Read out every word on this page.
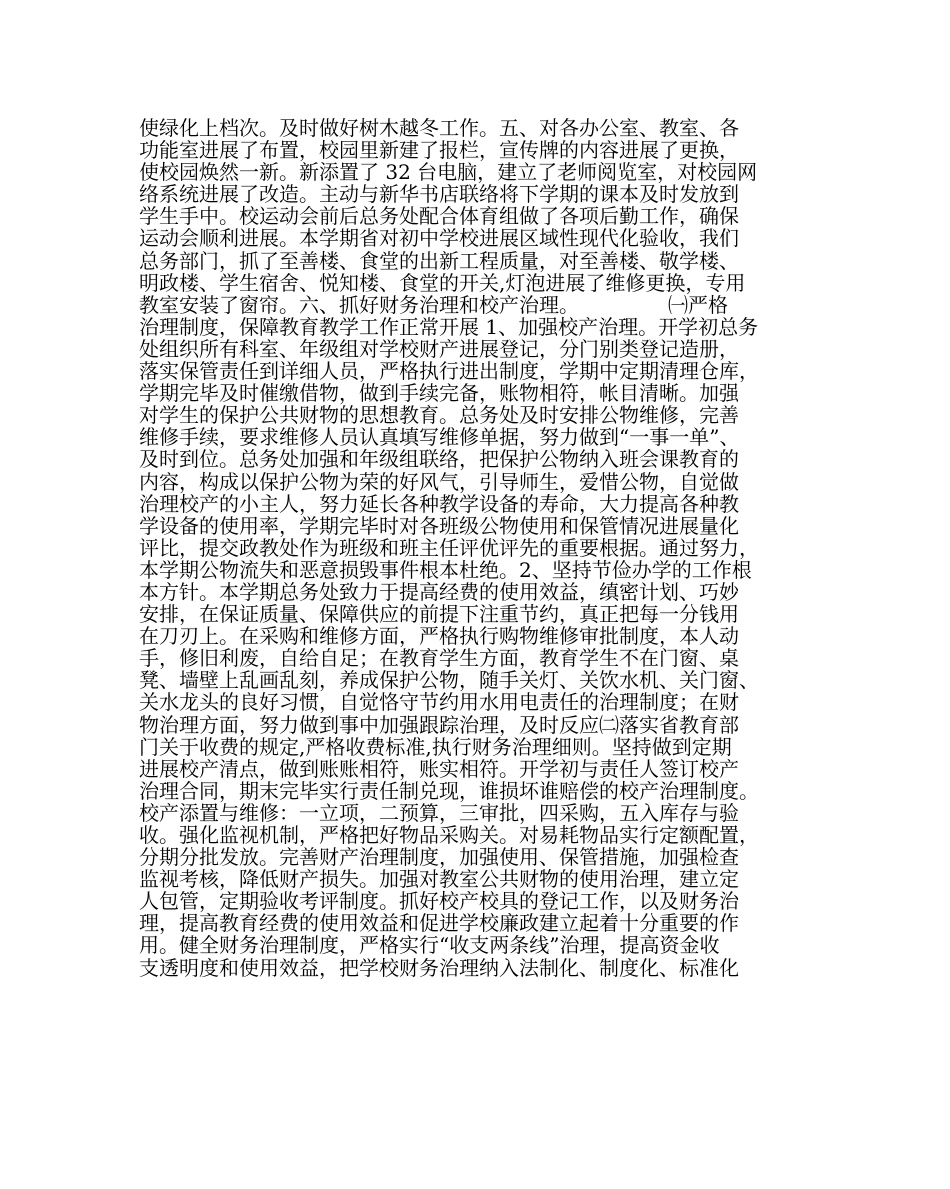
使绿化上档次。及时做好树木越冬工作。五、对各办公室、教室、各
功能室进展了布置，校园里新建了报栏，宣传牌的内容进展了更换，
使校园焕然一新。新添置了 32 台电脑，建立了老师阅览室，对校园网
络系统进展了改造。主动与新华书店联络将下学期的课本及时发放到
学生手中。校运动会前后总务处配合体育组做了各项后勤工作，确保
运动会顺利进展。本学期省对初中学校进展区域性现代化验收，我们
总务部门，抓了至善楼、食堂的出新工程质量，对至善楼、敬学楼、
明政楼、学生宿舍、悦知楼、食堂的开关,灯泡进展了维修更换，专用
教室安装了窗帘。六、抓好财务治理和校产治理。              ㈠严格
治理制度，保障教育教学工作正常开展 1、加强校产治理。开学初总务
处组织所有科室、年级组对学校财产进展登记，分门别类登记造册，
落实保管责任到详细人员，严格执行进出制度，学期中定期清理仓库，
学期完毕及时催缴借物，做到手续完备，账物相符，帐目清晰。加强
对学生的保护公共财物的思想教育。总务处及时安排公物维修，完善
维修手续，要求维修人员认真填写维修单据，努力做到“一事一单”、
及时到位。总务处加强和年级组联络，把保护公物纳入班会课教育的
内容，构成以保护公物为荣的好风气，引导师生，爱惜公物，自觉做
治理校产的小主人，努力延长各种教学设备的寿命，大力提高各种教
学设备的使用率，学期完毕时对各班级公物使用和保管情况进展量化
评比，提交政教处作为班级和班主任评优评先的重要根据。通过努力，
本学期公物流失和恶意损毁事件根本杜绝。2、坚持节俭办学的工作根
本方针。本学期总务处致力于提高经费的使用效益，缜密计划、巧妙
安排，在保证质量、保障供应的前提下注重节约，真正把每一分钱用
在刀刃上。在采购和维修方面，严格执行购物维修审批制度，本人动
手，修旧利废，自给自足；在教育学生方面，教育学生不在门窗、桌
凳、墙壁上乱画乱刻，养成保护公物，随手关灯、关饮水机、关门窗、
关水龙头的良好习惯，自觉恪守节约用水用电责任的治理制度；在财
物治理方面，努力做到事中加强跟踪治理，及时反应㈡落实省教育部
门关于收费的规定,严格收费标准,执行财务治理细则。坚持做到定期
进展校产清点，做到账账相符，账实相符。开学初与责任人签订校产
治理合同，期末完毕实行责任制兑现，谁损坏谁赔偿的校产治理制度。
校产添置与维修：一立项，二预算，三审批，四采购，五入库存与验
收。强化监视机制，严格把好物品采购关。对易耗物品实行定额配置，
分期分批发放。完善财产治理制度，加强使用、保管措施，加强检查
监视考核，降低财产损失。加强对教室公共财物的使用治理，建立定
人包管，定期验收考评制度。抓好校产校具的登记工作，以及财务治
理，提高教育经费的使用效益和促进学校廉政建立起着十分重要的作
用。健全财务治理制度，严格实行“收支两条线”治理，提高资金收
支透明度和使用效益，把学校财务治理纳入法制化、制度化、标准化
